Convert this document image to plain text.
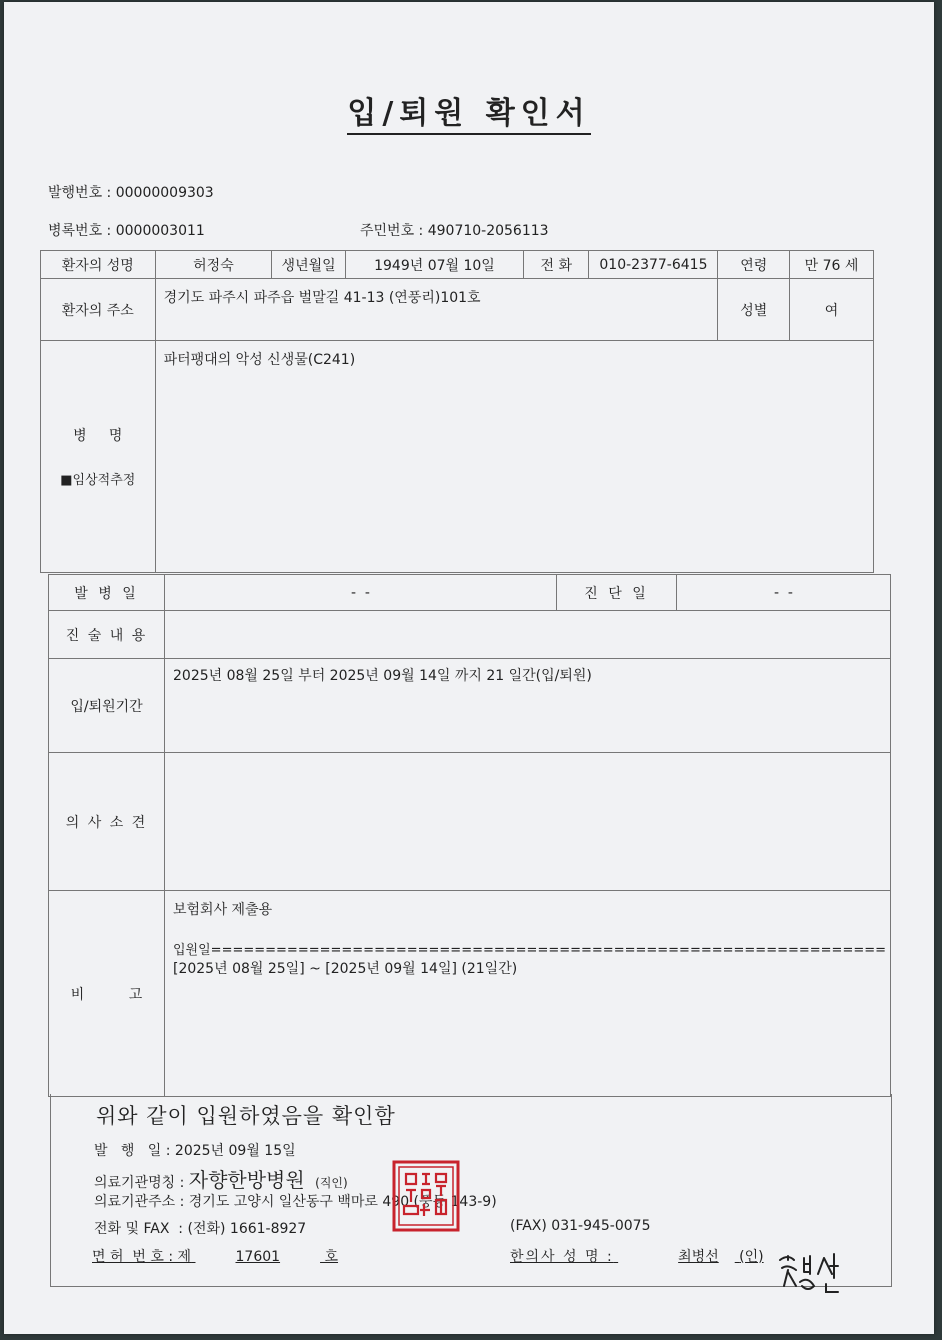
입/퇴원 확인서
발행번호 : 00000009303
병록번호 : 0000003011	주민번호 : 490710-2056113
환자의 성명	허정숙	생년월일	1949년 07월 10일	전 화	010-2377-6415	연령	만 76 세
환자의 주소	경기도 파주시 파주읍 벌말길 41-13 (연풍리)101호					성별	여

병     명
■임상적추정	파터팽대의 악성 신생물(C241)						
발 병 일	-  -	진 단 일	-  -
진 술 내 용			
입/퇴원기간	2025년 08월 25일 부터 2025년 09월 14일 까지 21 일간(입/퇴원)		
의 사 소 견			
비          고	보험회사 제출용
입원일==============================================================
[2025년 08월 25일] ~ [2025년 09월 14일] (21일간)		
위와 같이 입원하였음을 확인함
발   행   일 : 2025년 09월 15일
의료기관명칭 : 자향한방병원 (직인)
의료기관주소 : 경기도 고양시 일산동구 백마로 490 (풍동 143-9)
전화 및 FAX  : (전화) 1661-8927	(FAX) 031-945-0075
면 허  번 호 : 제	17601	호	한의사 성 명 :	최병선 (인)
